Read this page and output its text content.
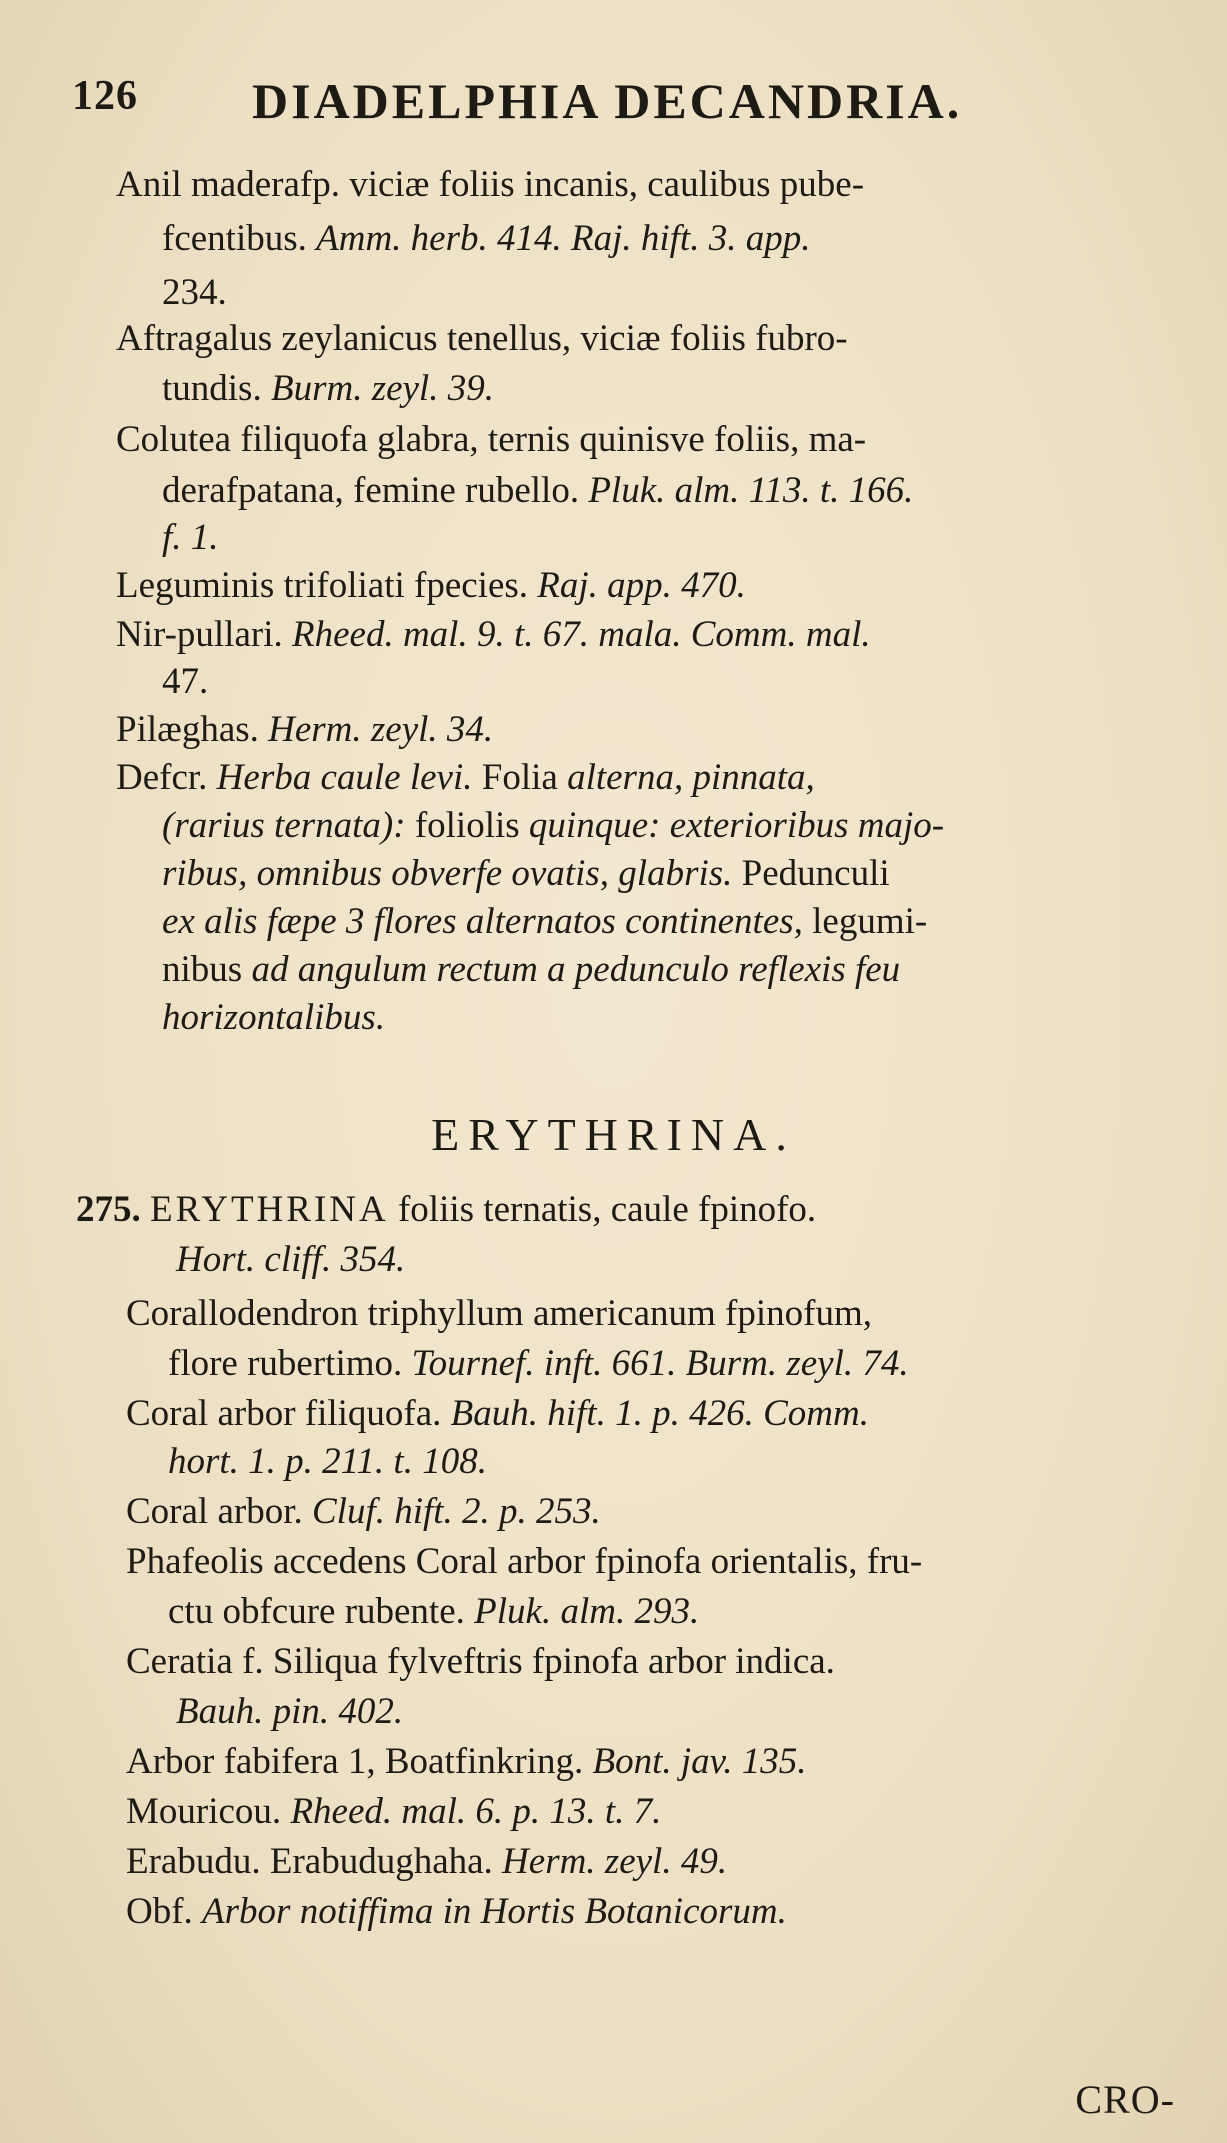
126 DIADELPHIA DECANDRIA.
Anil maderafp. viciæ foliis incanis, caulibus pube-
fcentibus. Amm. herb. 414. Raj. hift. 3. app.
234.
Aftragalus zeylanicus tenellus, viciæ foliis fubro-
tundis. Burm. zeyl. 39.
Colutea filiquofa glabra, ternis quinisve foliis, ma-
derafpatana, femine rubello. Pluk. alm. 113. t. 166.
f. 1.
Leguminis trifoliati fpecies. Raj. app. 470.
Nir-pullari. Rheed. mal. 9. t. 67. mala. Comm. mal.
47.
Pilæghas. Herm. zeyl. 34.
Defcr. Herba caule levi. Folia alterna, pinnata,
(rarius ternata): foliolis quinque: exterioribus majo-
ribus, omnibus obverfe ovatis, glabris. Pedunculi
ex alis fæpe 3 flores alternatos continentes, legumi-
nibus ad angulum rectum a pedunculo reflexis feu
horizontalibus.
ERYTHRINA.
275. ERYTHRINA foliis ternatis, caule fpinofo.
Hort. cliff. 354.
Corallodendron triphyllum americanum fpinofum,
flore rubertimo. Tournef. inft. 661. Burm. zeyl. 74.
Coral arbor filiquofa. Bauh. hift. 1. p. 426. Comm.
hort. 1. p. 211. t. 108.
Coral arbor. Cluf. hift. 2. p. 253.
Phafeolis accedens Coral arbor fpinofa orientalis, fru-
ctu obfcure rubente. Pluk. alm. 293.
Ceratia f. Siliqua fylveftris fpinofa arbor indica.
Bauh. pin. 402.
Arbor fabifera 1, Boatfinkring. Bont. jav. 135.
Mouricou. Rheed. mal. 6. p. 13. t. 7.
Erabudu. Erabudughaha. Herm. zeyl. 49.
Obf. Arbor notiffima in Hortis Botanicorum.
CRO-
